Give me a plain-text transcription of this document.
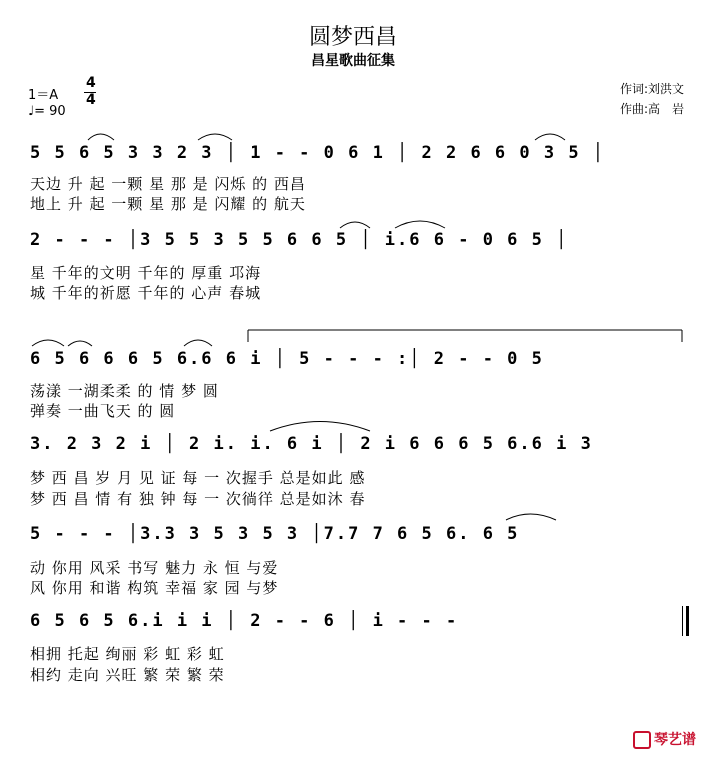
圆梦西昌
昌星歌曲征集
1＝A
4
4
♩= 90
作词:刘洪文
作曲:高　岩
5 5 6 5 3 3 2 3 │ 1 - - 0 6 1 │ 2 2 6 6 0 3 5 │
天边 升 起 一颗 星 那 是 闪烁 的 西昌
地上 升 起 一颗 星 那 是 闪耀 的 航天
2 - - - │3 5 5 3 5 5 6 6 5 │ i.6 6 - 0 6 5 │
星 千年的文明 千年的 厚重 邛海
城 千年的祈愿 千年的 心声 春城
6 5 6 6 6 5 6.6 6 i │ 5 - - - :│ 2 - - 0 5
荡漾 一湖柔柔 的 情 梦 圆
弹奏 一曲飞天 的 圆
3. 2 3 2 i │ 2 i. i. 6 i │ 2 i 6 6 6 5 6.6 i 3
梦 西 昌 岁 月 见 证 每 一 次握手 总是如此 感
梦 西 昌 情 有 独 钟 每 一 次徜徉 总是如沐 春
5 - - - │3.3 3 5 3 5 3 │7.7 7 6 5 6. 6 5
动 你用 风采 书写 魅力 永 恒 与爱
风 你用 和谐 构筑 幸福 家 园 与梦
6 5 6 5 6.i i i │ 2 - - 6 │ i - - -
相拥 托起 绚丽 彩 虹 彩 虹
相约 走向 兴旺 繁 荣 繁 荣
琴艺谱
